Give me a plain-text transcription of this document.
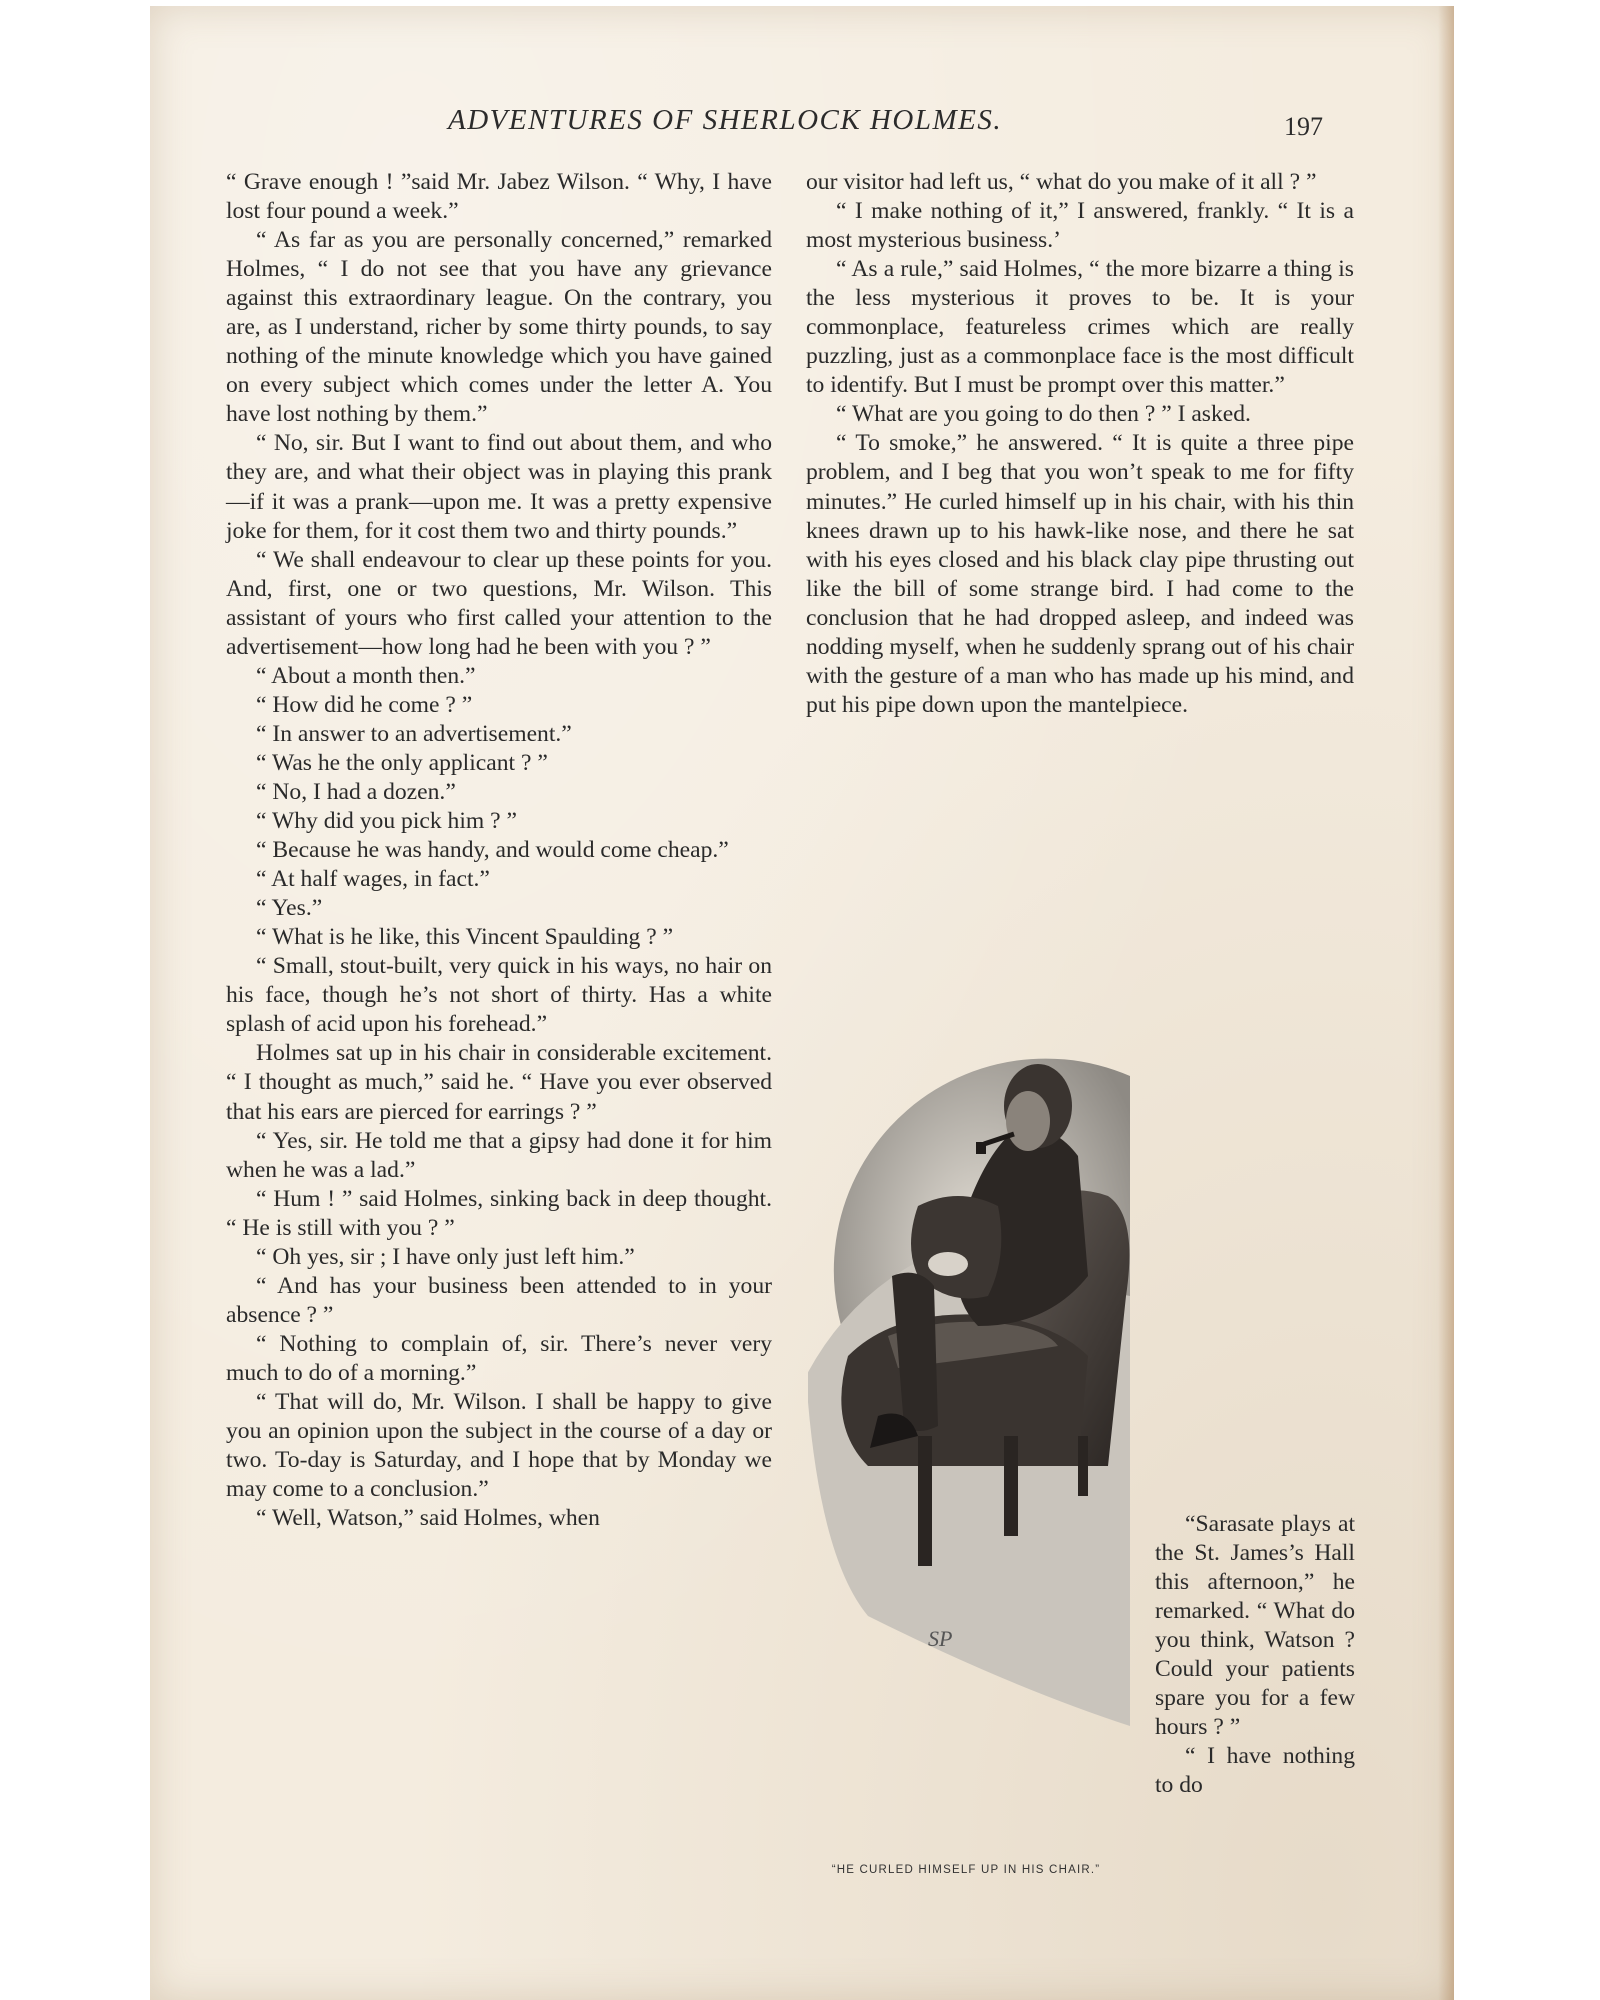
ADVENTURES OF SHERLOCK HOLMES.	197

“ Grave enough ! ”said Mr. Jabez Wilson. “ Why, I have lost four pound a week.”

“ As far as you are personally concerned,” remarked Holmes, “ I do not see that you have any grievance against this extraordinary league. On the contrary, you are, as I understand, richer by some thirty pounds, to say nothing of the minute knowledge which you have gained on every subject which comes under the letter A. You have lost nothing by them.”

“ No, sir. But I want to find out about them, and who they are, and what their object was in playing this prank—if it was a prank—upon me. It was a pretty expensive joke for them, for it cost them two and thirty pounds.”

“ We shall endeavour to clear up these points for you. And, first, one or two questions, Mr. Wilson. This assistant of yours who first called your attention to the advertisement—how long had he been with you ? ”

“ About a month then.”

“ How did he come ? ”

“ In answer to an advertisement.”

“ Was he the only applicant ? ”

“ No, I had a dozen.”

“ Why did you pick him ? ”

“ Because he was handy, and would come cheap.”

“ At half wages, in fact.”

“ Yes.”

“ What is he like, this Vincent Spaulding ? ”

“ Small, stout-built, very quick in his ways, no hair on his face, though he’s not short of thirty. Has a white splash of acid upon his forehead.”

Holmes sat up in his chair in considerable excitement. “ I thought as much,” said he. “ Have you ever observed that his ears are pierced for earrings ? ”

“ Yes, sir. He told me that a gipsy had done it for him when he was a lad.”

“ Hum ! ” said Holmes, sinking back in deep thought. “ He is still with you ? ”

“ Oh yes, sir ; I have only just left him.”

“ And has your business been attended to in your absence ? ”

“ Nothing to complain of, sir. There’s never very much to do of a morning.”

“ That will do, Mr. Wilson. I shall be happy to give you an opinion upon the subject in the course of a day or two. To-day is Saturday, and I hope that by Monday we may come to a conclusion.”

“ Well, Watson,” said Holmes, when

our visitor had left us, “ what do you make of it all ? ”

“ I make nothing of it,” I answered, frankly. “ It is a most mysterious business.’

“ As a rule,” said Holmes, “ the more bizarre a thing is the less mysterious it proves to be. It is your commonplace, featureless crimes which are really puzzling, just as a commonplace face is the most difficult to identify. But I must be prompt over this matter.”

“ What are you going to do then ? ” I asked.

“ To smoke,” he answered. “ It is quite a three pipe problem, and I beg that you won’t speak to me for fifty minutes.” He curled himself up in his chair, with his thin knees drawn up to his hawk-like nose, and there he sat with his eyes closed and his black clay pipe thrusting out like the bill of some strange bird. I had come to the conclusion that he had dropped asleep, and indeed was nodding myself, when he suddenly sprang out of his chair with the gesture of a man who has made up his mind, and put his pipe down upon the mantelpiece.

SP

“Sarasate plays at the St. James’s Hall this afternoon,” he remarked. “ What do you think, Watson ? Could your patients spare you for a few hours ? ”

“ I have nothing to do

“HE CURLED HIMSELF UP IN HIS CHAIR.”
